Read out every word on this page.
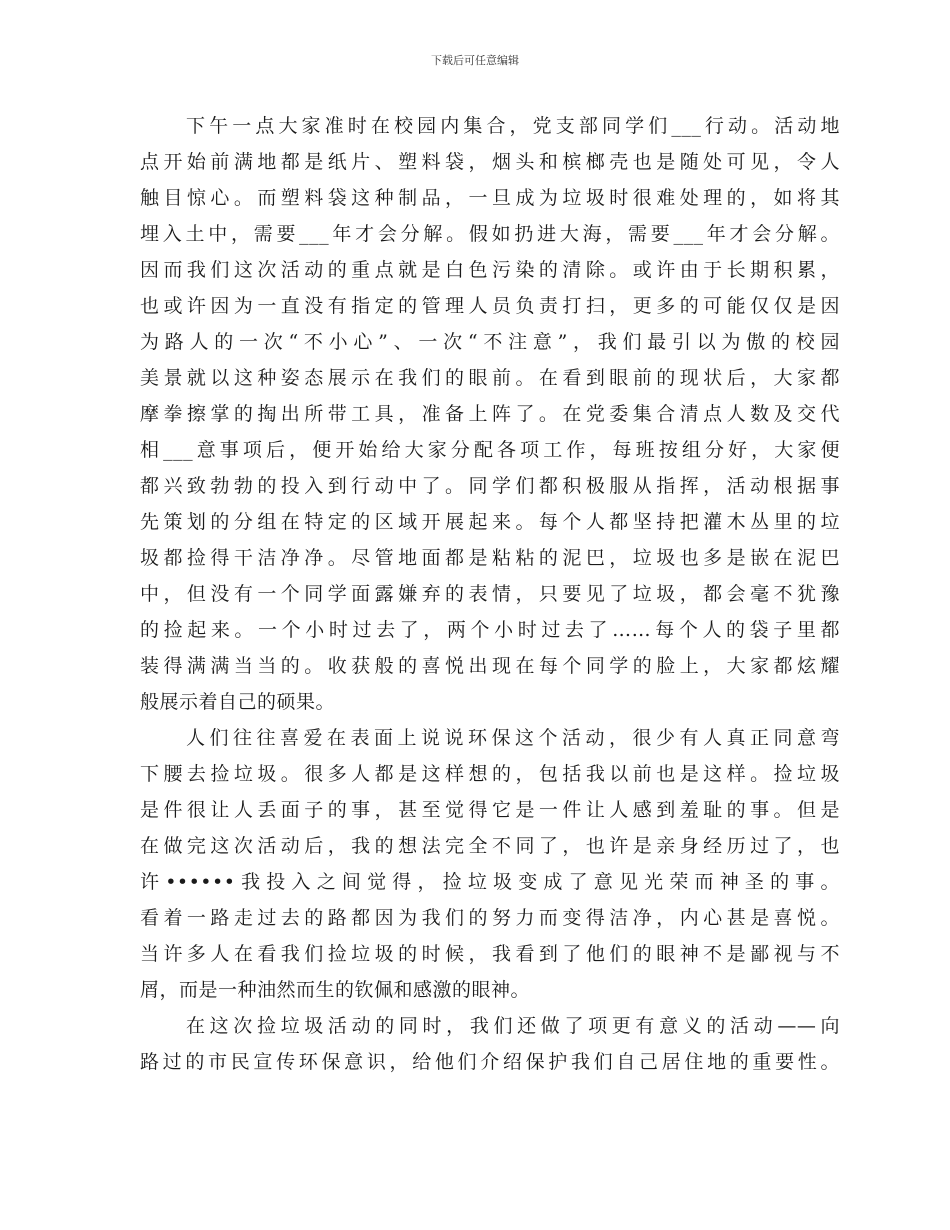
下载后可任意编辑
下午一点大家准时在校园内集合，党支部同学们___行动。活动地
点开始前满地都是纸片、塑料袋，烟头和槟榔壳也是随处可见，令人
触目惊心。而塑料袋这种制品，一旦成为垃圾时很难处理的，如将其
埋入土中，需要___年才会分解。假如扔进大海，需要___年才会分解。
因而我们这次活动的重点就是白色污染的清除。或许由于长期积累，
也或许因为一直没有指定的管理人员负责打扫，更多的可能仅仅是因
为路人的一次“不小心”、一次“不注意”，我们最引以为傲的校园
美景就以这种姿态展示在我们的眼前。在看到眼前的现状后，大家都
摩拳擦掌的掏出所带工具，准备上阵了。在党委集合清点人数及交代
相___意事项后，便开始给大家分配各项工作，每班按组分好，大家便
都兴致勃勃的投入到行动中了。同学们都积极服从指挥，活动根据事
先策划的分组在特定的区域开展起来。每个人都坚持把灌木丛里的垃
圾都捡得干洁净净。尽管地面都是粘粘的泥巴，垃圾也多是嵌在泥巴
中，但没有一个同学面露嫌弃的表情，只要见了垃圾，都会毫不犹豫
的捡起来。一个小时过去了，两个小时过去了……每个人的袋子里都
装得满满当当的。收获般的喜悦出现在每个同学的脸上，大家都炫耀
般展示着自己的硕果。
人们往往喜爱在表面上说说环保这个活动，很少有人真正同意弯
下腰去捡垃圾。很多人都是这样想的，包括我以前也是这样。捡垃圾
是件很让人丢面子的事，甚至觉得它是一件让人感到羞耻的事。但是
在做完这次活动后，我的想法完全不同了，也许是亲身经历过了，也
许••••••我投入之间觉得，捡垃圾变成了意见光荣而神圣的事。
看着一路走过去的路都因为我们的努力而变得洁净，内心甚是喜悦。
当许多人在看我们捡垃圾的时候，我看到了他们的眼神不是鄙视与不
屑，而是一种油然而生的钦佩和感激的眼神。
在这次捡垃圾活动的同时，我们还做了项更有意义的活动——向
路过的市民宣传环保意识，给他们介绍保护我们自己居住地的重要性。
